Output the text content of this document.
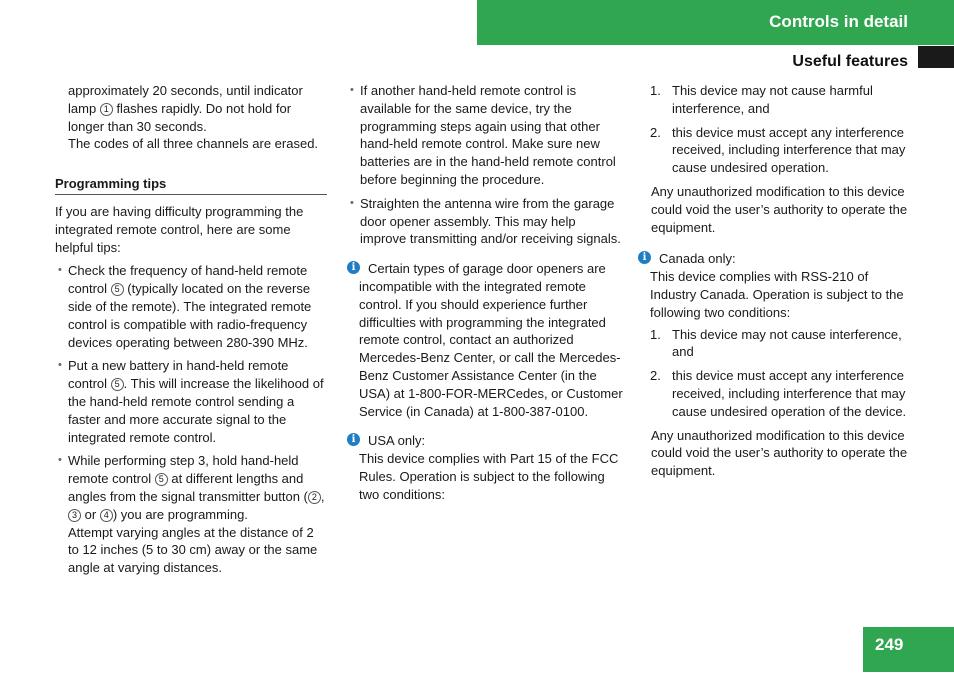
Controls in detail
Useful features

approximately 20 seconds, until indicator
lamp 1 flashes rapidly. Do not hold for
longer than 30 seconds.
The codes of all three channels are erased.

Programming tips

If you are having difficulty programming the integrated remote control, here are some helpful tips:

• Check the frequency of hand-held remote control 5 (typically located on the reverse side of the remote). The integrated remote control is compatible with radio-frequency devices operating between 280-390 MHz.

• Put a new battery in hand-held remote control 5 . This will increase the likelihood of the hand-held remote control sending a faster and more accurate signal to the integrated remote control.

• While performing step 3, hold hand-held remote control 5 at different lengths and angles from the signal transmitter button ( 2 , 3 or 4 ) you are programming.
Attempt varying angles at the distance of 2 to 12 inches (5 to 30 cm) away or the same angle at varying distances.

• If another hand-held remote control is available for the same device, try the programming steps again using that other hand-held remote control. Make sure new batteries are in the hand-held remote control before beginning the procedure.

• Straighten the antenna wire from the garage door opener assembly. This may help improve transmitting and/or receiving signals.

i Certain types of garage door openers are incompatible with the integrated remote control. If you should experience further difficulties with programming the integrated remote control, contact an authorized Mercedes-Benz Center, or call the Mercedes-Benz Customer Assistance Center (in the USA) at 1-800-FOR-MERCedes, or Customer Service (in Canada) at 1-800-387-0100.

i USA only:

This device complies with Part 15 of the FCC Rules. Operation is subject to the following two conditions:

1. This device may not cause harmful interference, and

2. this device must accept any interference received, including interference that may cause undesired operation.

Any unauthorized modification to this device could void the user’s authority to operate the equipment.

i Canada only:

This device complies with RSS-210 of Industry Canada. Operation is subject to the following two conditions:

1. This device may not cause interference, and

2. this device must accept any interference received, including interference that may cause undesired operation of the device.

Any unauthorized modification to this device could void the user’s authority to operate the equipment.

249
